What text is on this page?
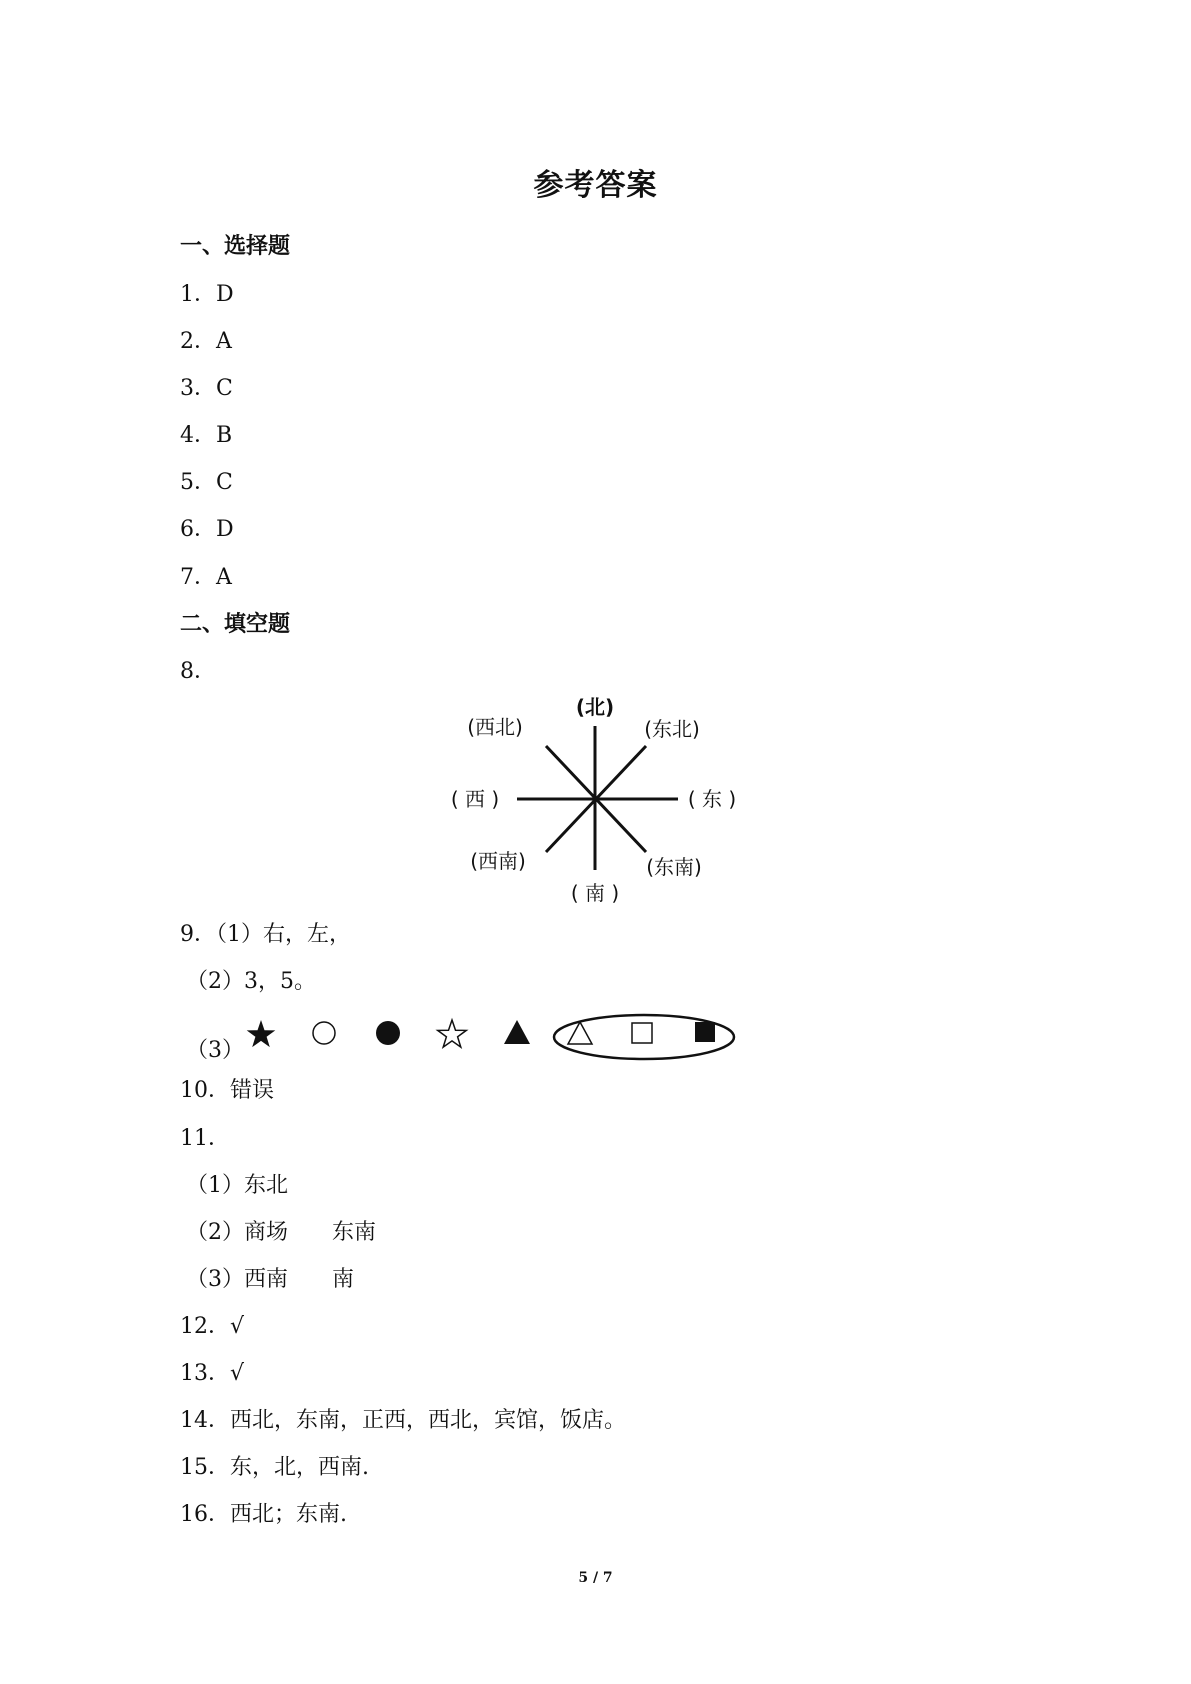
参考答案
一、选择题
1．D
2．A
3．C
4．B
5．C
6．D
7．A
二、填空题
8．
(北)
(东北)
( 东 )
(东南)
( 南 )
(西南)
( 西 )
(西北)
9．（1）右，左，
（2）3，5。
（3）
10．错误
11．
（1）东北
（2）商场　　东南
（3）西南　　南
12．√
13．√
14．西北，东南，正西，西北，宾馆，饭店。
15．东，北，西南.
16．西北；东南.
5 / 7
